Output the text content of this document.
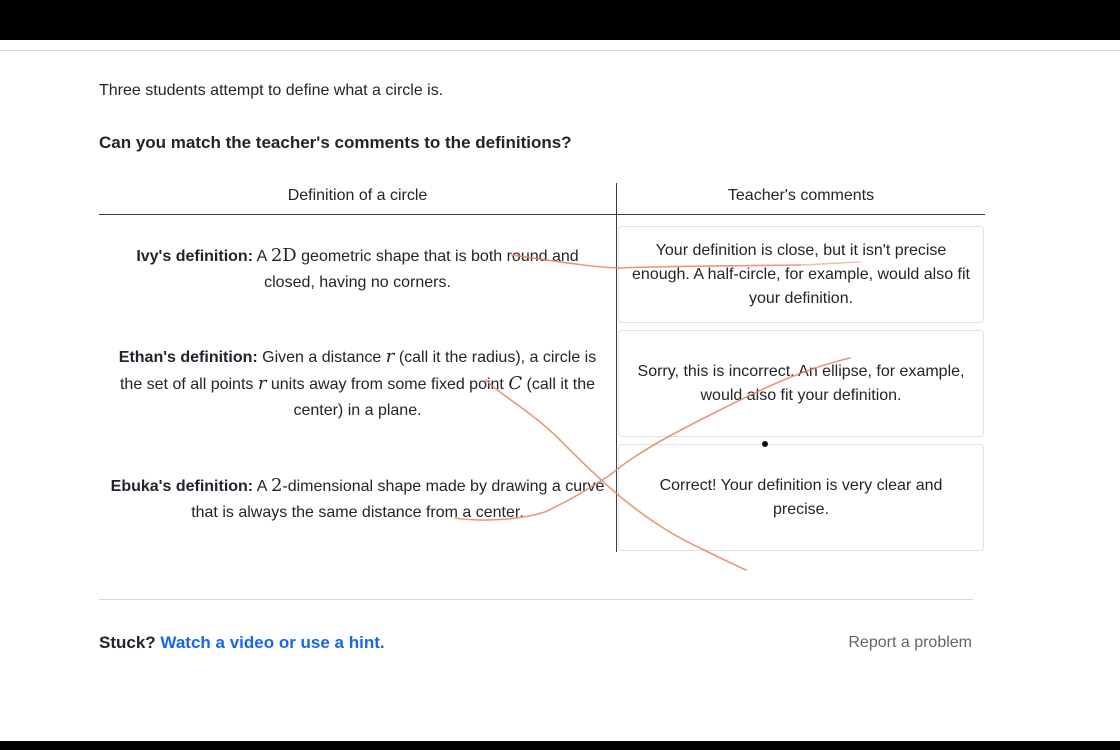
Three students attempt to define what a circle is.
Can you match the teacher's comments to the definitions?
Definition of a circle	Teacher's comments
Ivy's definition: A 2D geometric shape that is both round and closed, having no corners.
Ethan's definition: Given a distance r (call it the radius), a circle is the set of all points r units away from some fixed point C (call it the center) in a plane.
Ebuka's definition: A 2-dimensional shape made by drawing a curve that is always the same distance from a center.
Your definition is close, but it isn't precise enough. A half-circle, for example, would also fit your definition.
Sorry, this is incorrect. An ellipse, for example, would also fit your definition.
Correct! Your definition is very clear and precise.
Stuck? Watch a video or use a hint.	Report a problem
